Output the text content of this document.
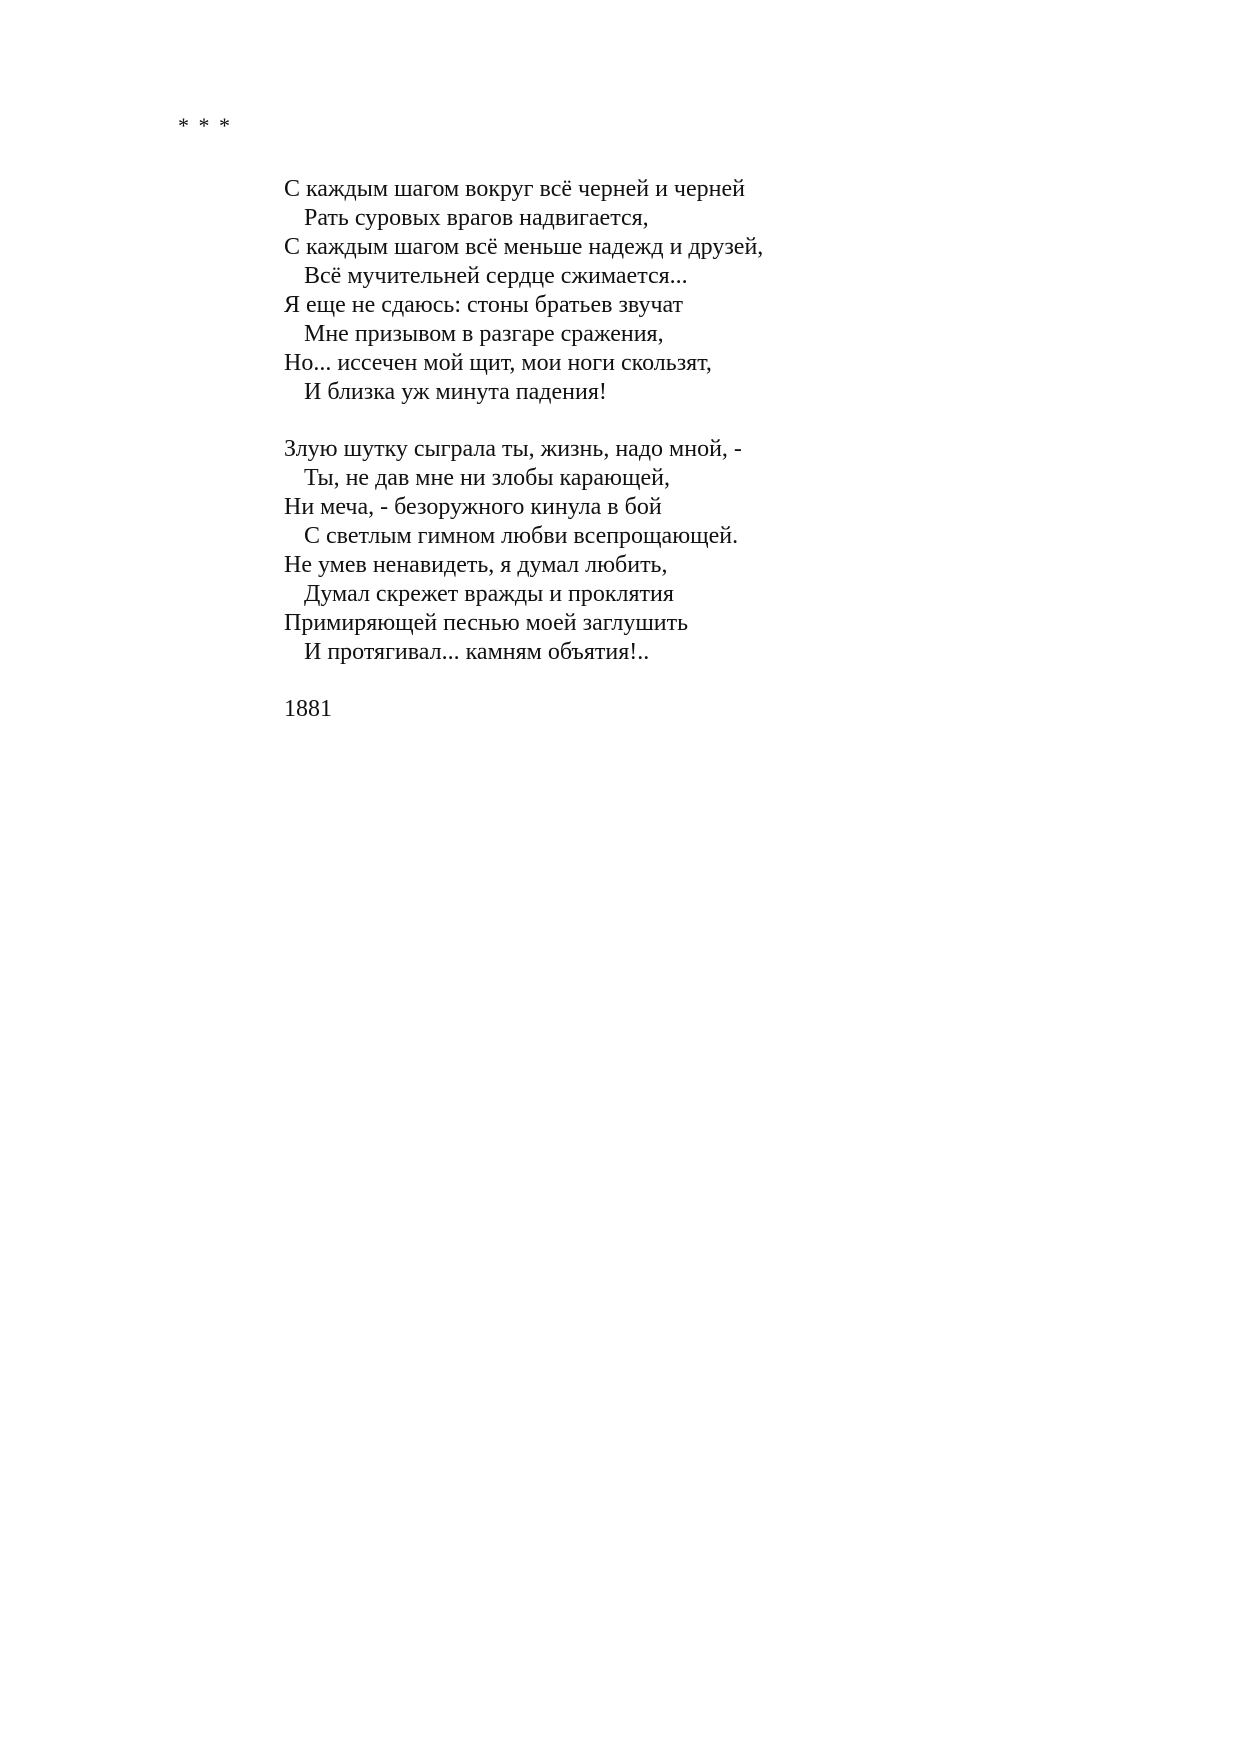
* * *
С каждым шагом вокруг всё черней и черней
Рать суровых врагов надвигается,
С каждым шагом всё меньше надежд и друзей,
Всё мучительней сердце сжимается...
Я еще не сдаюсь: стоны братьев звучат
Мне призывом в разгаре сражения,
Но... иссечен мой щит, мои ноги скользят,
И близка уж минута падения!
Злую шутку сыграла ты, жизнь, надо мной, -
Ты, не дав мне ни злобы карающей,
Ни меча, - безоружного кинула в бой
С светлым гимном любви всепрощающей.
Не умев ненавидеть, я думал любить,
Думал скрежет вражды и проклятия
Примиряющей песнью моей заглушить
И протягивал... камням объятия!..
1881
